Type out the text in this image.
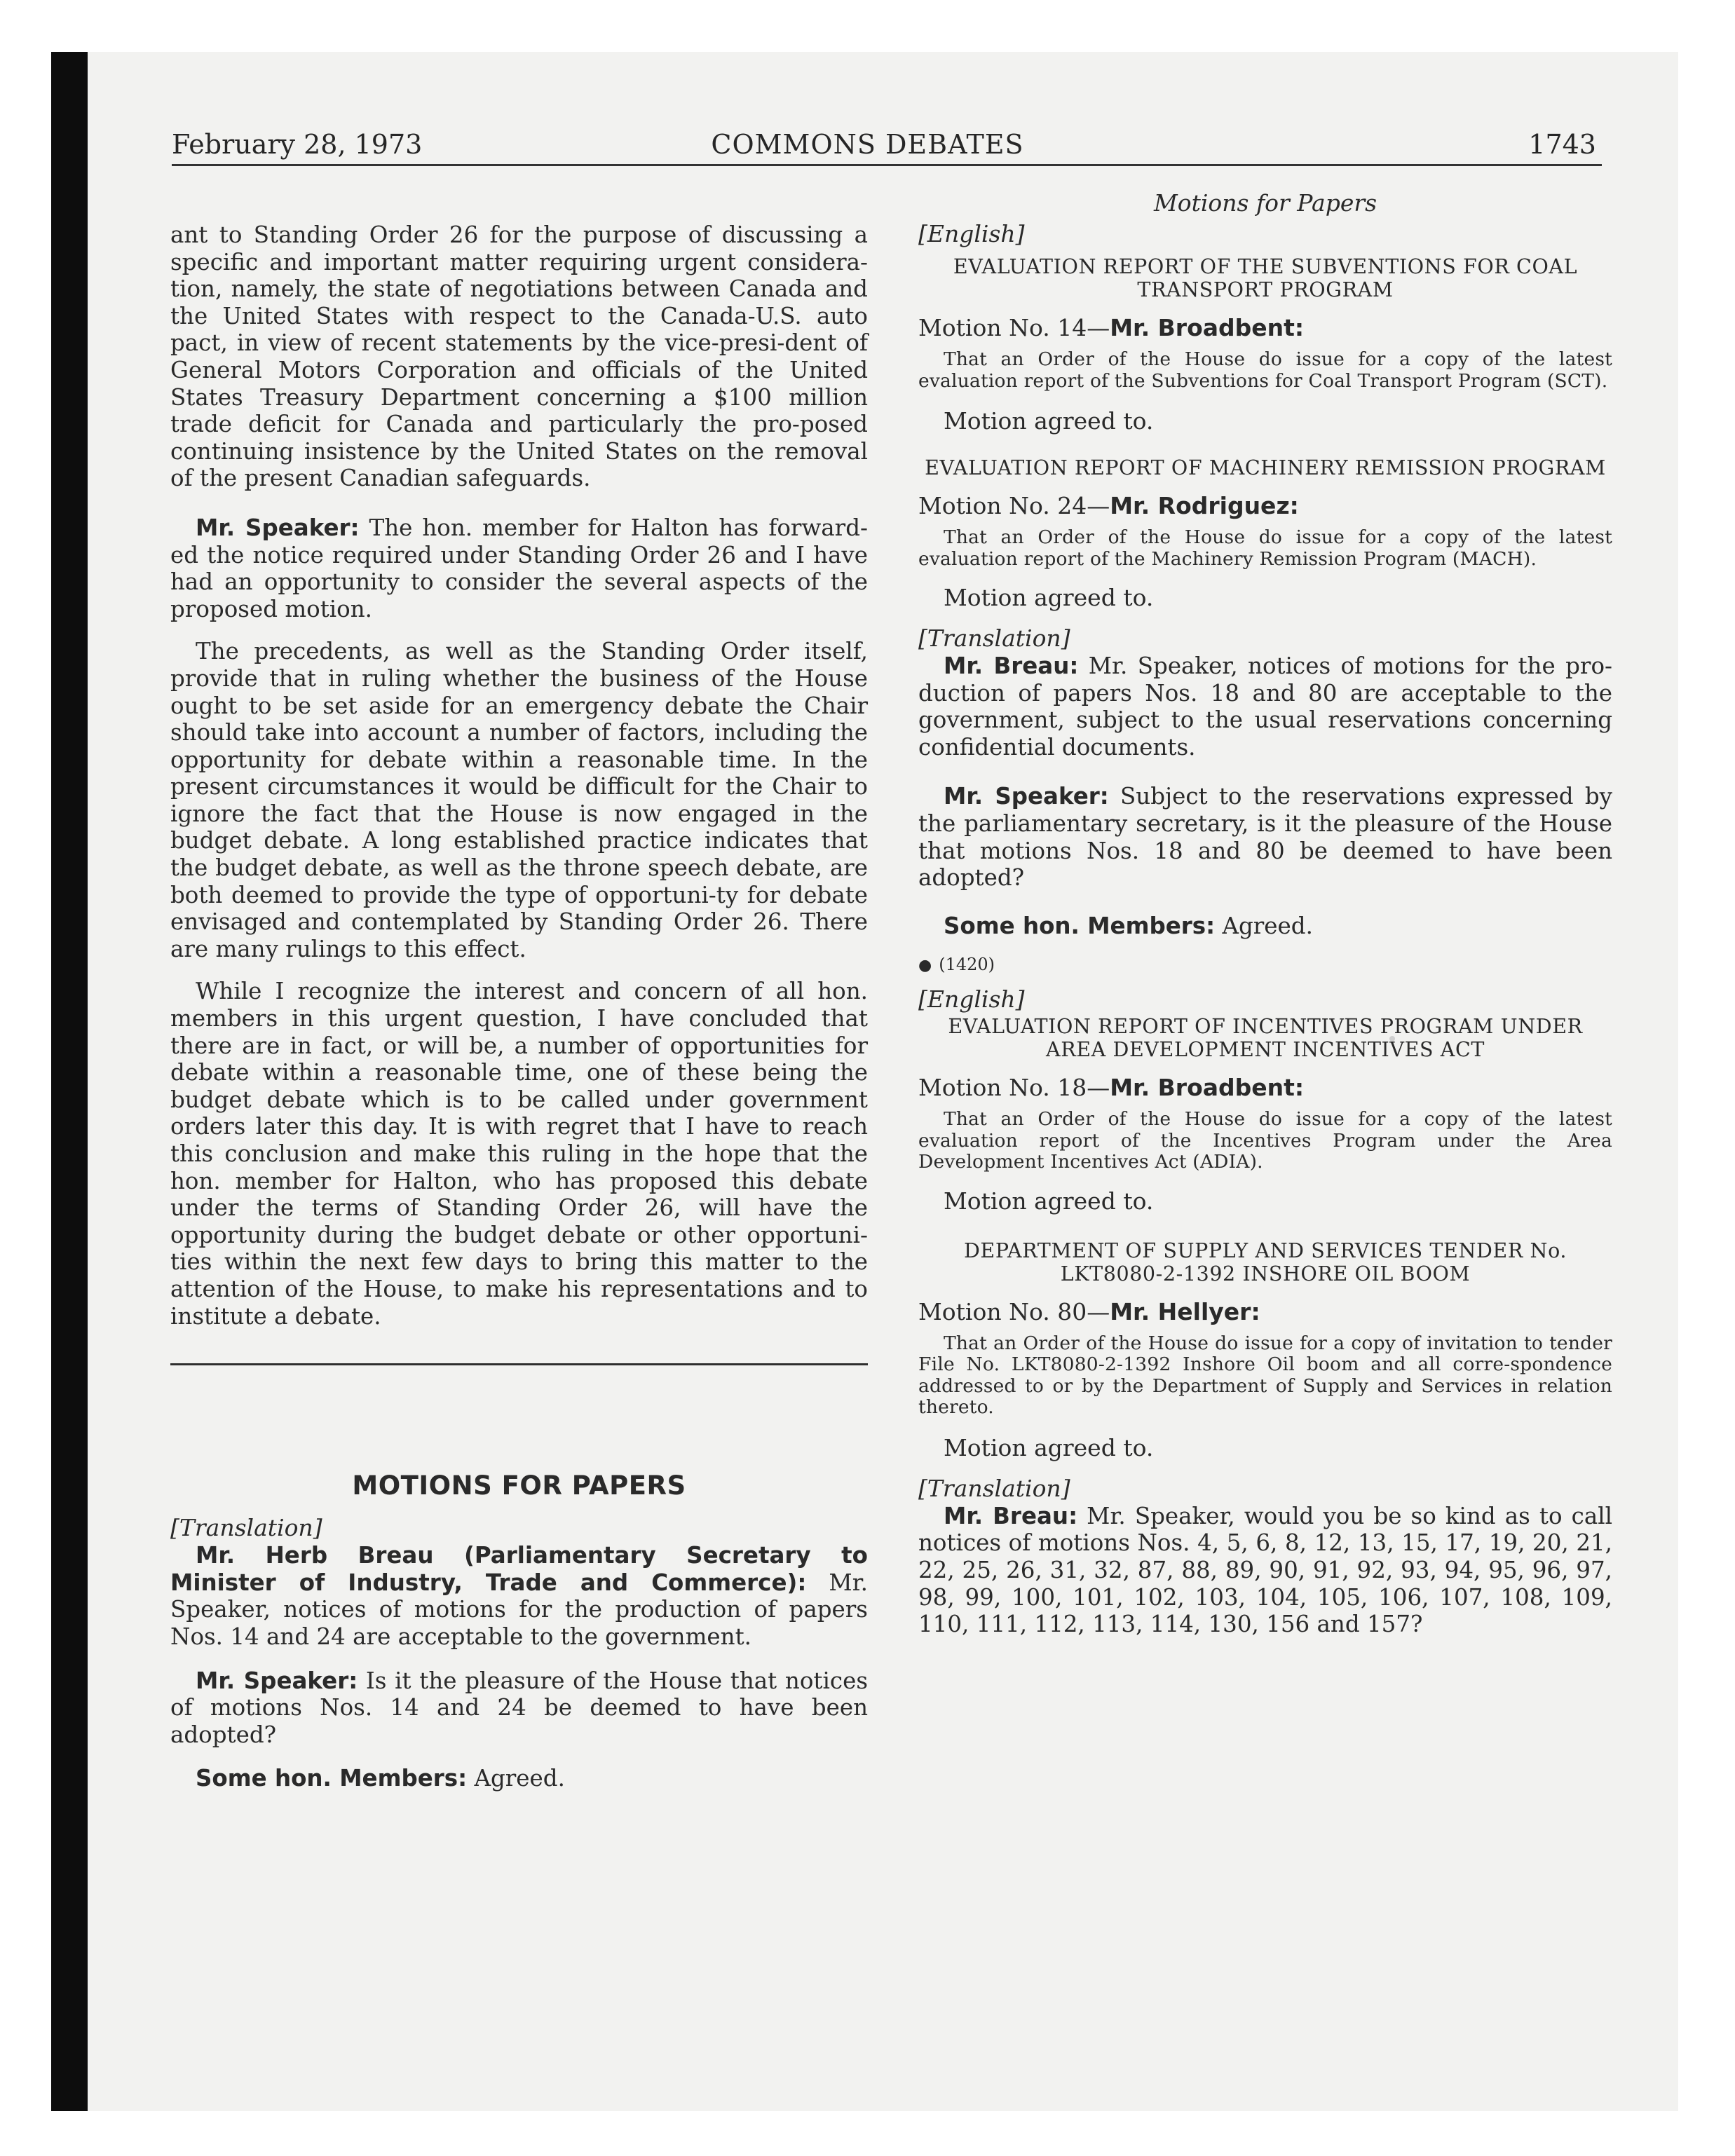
February 28, 1973	COMMONS DEBATES	1743

ant to Standing Order 26 for the purpose of discussing a specific and important matter requiring urgent considera-tion, namely, the state of negotiations between Canada and the United States with respect to the Canada-U.S. auto pact, in view of recent statements by the vice-presi-dent of General Motors Corporation and officials of the United States Treasury Department concerning a $100 million trade deficit for Canada and particularly the pro-posed continuing insistence by the United States on the removal of the present Canadian safeguards.

Mr. Speaker: The hon. member for Halton has forward-ed the notice required under Standing Order 26 and I have had an opportunity to consider the several aspects of the proposed motion.

The precedents, as well as the Standing Order itself, provide that in ruling whether the business of the House ought to be set aside for an emergency debate the Chair should take into account a number of factors, including the opportunity for debate within a reasonable time. In the present circumstances it would be difficult for the Chair to ignore the fact that the House is now engaged in the budget debate. A long established practice indicates that the budget debate, as well as the throne speech debate, are both deemed to provide the type of opportuni-ty for debate envisaged and contemplated by Standing Order 26. There are many rulings to this effect.

While I recognize the interest and concern of all hon. members in this urgent question, I have concluded that there are in fact, or will be, a number of opportunities for debate within a reasonable time, one of these being the budget debate which is to be called under government orders later this day. It is with regret that I have to reach this conclusion and make this ruling in the hope that the hon. member for Halton, who has proposed this debate under the terms of Standing Order 26, will have the opportunity during the budget debate or other opportuni-ties within the next few days to bring this matter to the attention of the House, to make his representations and to institute a debate.

MOTIONS FOR PAPERS
[Translation]

Mr. Herb Breau (Parliamentary Secretary to Minister of Industry, Trade and Commerce): Mr. Speaker, notices of motions for the production of papers Nos. 14 and 24 are acceptable to the government.

Mr. Speaker: Is it the pleasure of the House that notices of motions Nos. 14 and 24 be deemed to have been adopted?

Some hon. Members: Agreed.

Motions for Papers
[English]
EVALUATION REPORT OF THE SUBVENTIONS FOR COAL TRANSPORT PROGRAM
Motion No. 14—Mr. Broadbent:

That an Order of the House do issue for a copy of the latest evaluation report of the Subventions for Coal Transport Program (SCT).

Motion agreed to.
EVALUATION REPORT OF MACHINERY REMISSION PROGRAM
Motion No. 24—Mr. Rodriguez:

That an Order of the House do issue for a copy of the latest evaluation report of the Machinery Remission Program (MACH).

Motion agreed to.
[Translation]

Mr. Breau: Mr. Speaker, notices of motions for the pro-duction of papers Nos. 18 and 80 are acceptable to the government, subject to the usual reservations concerning confidential documents.

Mr. Speaker: Subject to the reservations expressed by the parliamentary secretary, is it the pleasure of the House that motions Nos. 18 and 80 be deemed to have been adopted?

Some hon. Members: Agreed.

● (1420)
[English]
EVALUATION REPORT OF INCENTIVES PROGRAM UNDER AREA DEVELOPMENT INCENTIVES ACT
Motion No. 18—Mr. Broadbent:

That an Order of the House do issue for a copy of the latest evaluation report of the Incentives Program under the Area Development Incentives Act (ADIA).

Motion agreed to.
DEPARTMENT OF SUPPLY AND SERVICES TENDER No. LKT8080-2-1392 INSHORE OIL BOOM
Motion No. 80—Mr. Hellyer:

That an Order of the House do issue for a copy of invitation to tender File No. LKT8080-2-1392 Inshore Oil boom and all corre-spondence addressed to or by the Department of Supply and Services in relation thereto.

Motion agreed to.
[Translation]

Mr. Breau: Mr. Speaker, would you be so kind as to call notices of motions Nos. 4, 5, 6, 8, 12, 13, 15, 17, 19, 20, 21, 22, 25, 26, 31, 32, 87, 88, 89, 90, 91, 92, 93, 94, 95, 96, 97, 98, 99, 100, 101, 102, 103, 104, 105, 106, 107, 108, 109, 110, 111, 112, 113, 114, 130, 156 and 157?
